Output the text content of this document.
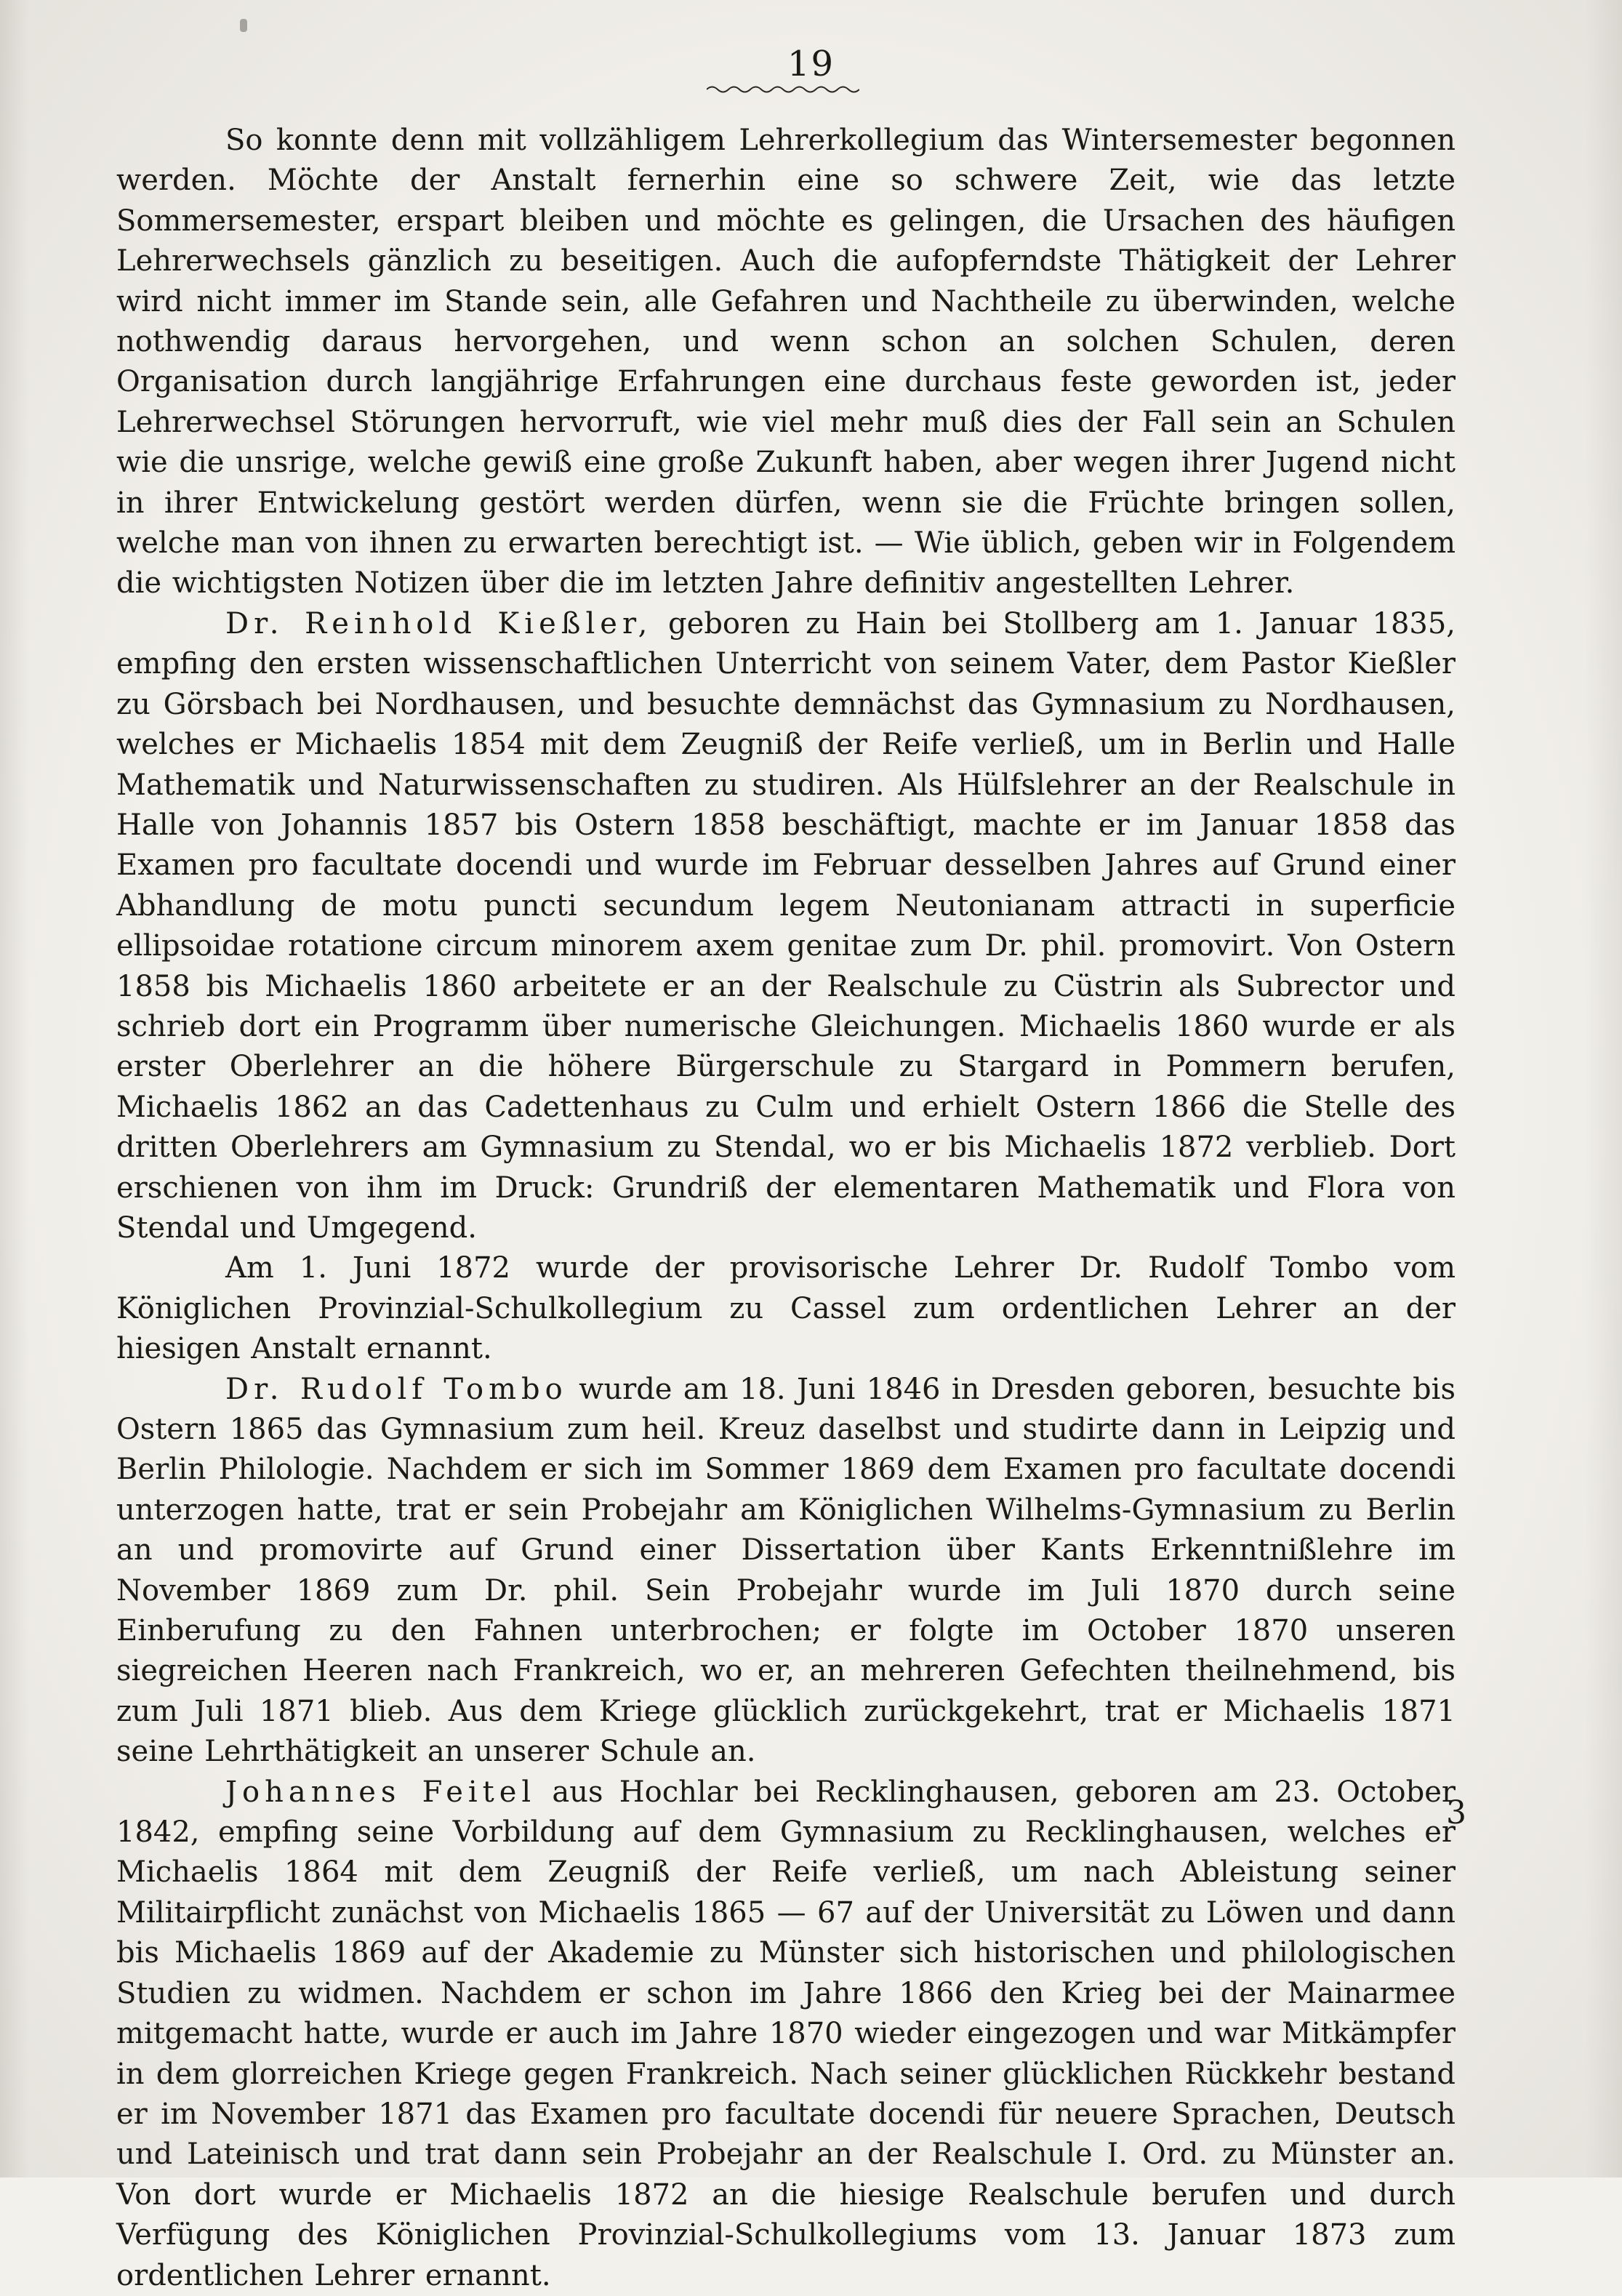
19

So konnte denn mit vollzähligem Lehrerkollegium das Wintersemester begonnen werden. Möchte der Anstalt fernerhin eine so schwere Zeit, wie das letzte Sommersemester, erspart bleiben und möchte es gelingen, die Ursachen des häufigen Lehrerwechsels gänzlich zu beseitigen. Auch die aufopferndste Thätigkeit der Lehrer wird nicht immer im Stande sein, alle Gefahren und Nachtheile zu überwinden, welche nothwendig daraus hervorgehen, und wenn schon an solchen Schulen, deren Organisation durch langjährige Erfahrungen eine durchaus feste geworden ist, jeder Lehrerwechsel Störungen hervorruft, wie viel mehr muß dies der Fall sein an Schulen wie die unsrige, welche gewiß eine große Zukunft haben, aber wegen ihrer Jugend nicht in ihrer Entwickelung gestört werden dürfen, wenn sie die Früchte bringen sollen, welche man von ihnen zu erwarten berechtigt ist. — Wie üblich, geben wir in Folgendem die wichtigsten Notizen über die im letzten Jahre definitiv angestellten Lehrer.

Dr. Reinhold Kießler, geboren zu Hain bei Stollberg am 1. Januar 1835, empfing den ersten wissenschaftlichen Unterricht von seinem Vater, dem Pastor Kießler zu Görsbach bei Nordhausen, und besuchte demnächst das Gymnasium zu Nordhausen, welches er Michaelis 1854 mit dem Zeugniß der Reife verließ, um in Berlin und Halle Mathematik und Naturwissenschaften zu studiren. Als Hülfslehrer an der Realschule in Halle von Johannis 1857 bis Ostern 1858 beschäftigt, machte er im Januar 1858 das Examen pro facultate docendi und wurde im Februar desselben Jahres auf Grund einer Abhandlung de motu puncti secundum legem Neutonianam attracti in superficie ellipsoidae rotatione circum minorem axem genitae zum Dr. phil. promovirt. Von Ostern 1858 bis Michaelis 1860 arbeitete er an der Realschule zu Cüstrin als Subrector und schrieb dort ein Programm über numerische Gleichungen. Michaelis 1860 wurde er als erster Oberlehrer an die höhere Bürgerschule zu Stargard in Pommern berufen, Michaelis 1862 an das Cadettenhaus zu Culm und erhielt Ostern 1866 die Stelle des dritten Oberlehrers am Gymnasium zu Stendal, wo er bis Michaelis 1872 verblieb. Dort erschienen von ihm im Druck: Grundriß der elementaren Mathematik und Flora von Stendal und Umgegend.

Am 1. Juni 1872 wurde der provisorische Lehrer Dr. Rudolf Tombo vom Königlichen Provinzial-Schulkollegium zu Cassel zum ordentlichen Lehrer an der hiesigen Anstalt ernannt.

Dr. Rudolf Tombo wurde am 18. Juni 1846 in Dresden geboren, besuchte bis Ostern 1865 das Gymnasium zum heil. Kreuz daselbst und studirte dann in Leipzig und Berlin Philologie. Nachdem er sich im Sommer 1869 dem Examen pro facultate docendi unterzogen hatte, trat er sein Probejahr am Königlichen Wilhelms-Gymnasium zu Berlin an und promovirte auf Grund einer Dissertation über Kants Erkenntnißlehre im November 1869 zum Dr. phil. Sein Probejahr wurde im Juli 1870 durch seine Einberufung zu den Fahnen unterbrochen; er folgte im October 1870 unseren siegreichen Heeren nach Frankreich, wo er, an mehreren Gefechten theilnehmend, bis zum Juli 1871 blieb. Aus dem Kriege glücklich zurückgekehrt, trat er Michaelis 1871 seine Lehrthätigkeit an unserer Schule an.

Johannes Feitel aus Hochlar bei Recklinghausen, geboren am 23. October 1842, empfing seine Vorbildung auf dem Gymnasium zu Recklinghausen, welches er Michaelis 1864 mit dem Zeugniß der Reife verließ, um nach Ableistung seiner Militairpflicht zunächst von Michaelis 1865 — 67 auf der Universität zu Löwen und dann bis Michaelis 1869 auf der Akademie zu Münster sich historischen und philologischen Studien zu widmen. Nachdem er schon im Jahre 1866 den Krieg bei der Mainarmee mitgemacht hatte, wurde er auch im Jahre 1870 wieder eingezogen und war Mitkämpfer in dem glorreichen Kriege gegen Frankreich. Nach seiner glücklichen Rückkehr bestand er im November 1871 das Examen pro facultate docendi für neuere Sprachen, Deutsch und Lateinisch und trat dann sein Probejahr an der Realschule I. Ord. zu Münster an. Von dort wurde er Michaelis 1872 an die hiesige Realschule berufen und durch Verfügung des Königlichen Provinzial-Schulkollegiums vom 13. Januar 1873 zum ordentlichen Lehrer ernannt.

3
